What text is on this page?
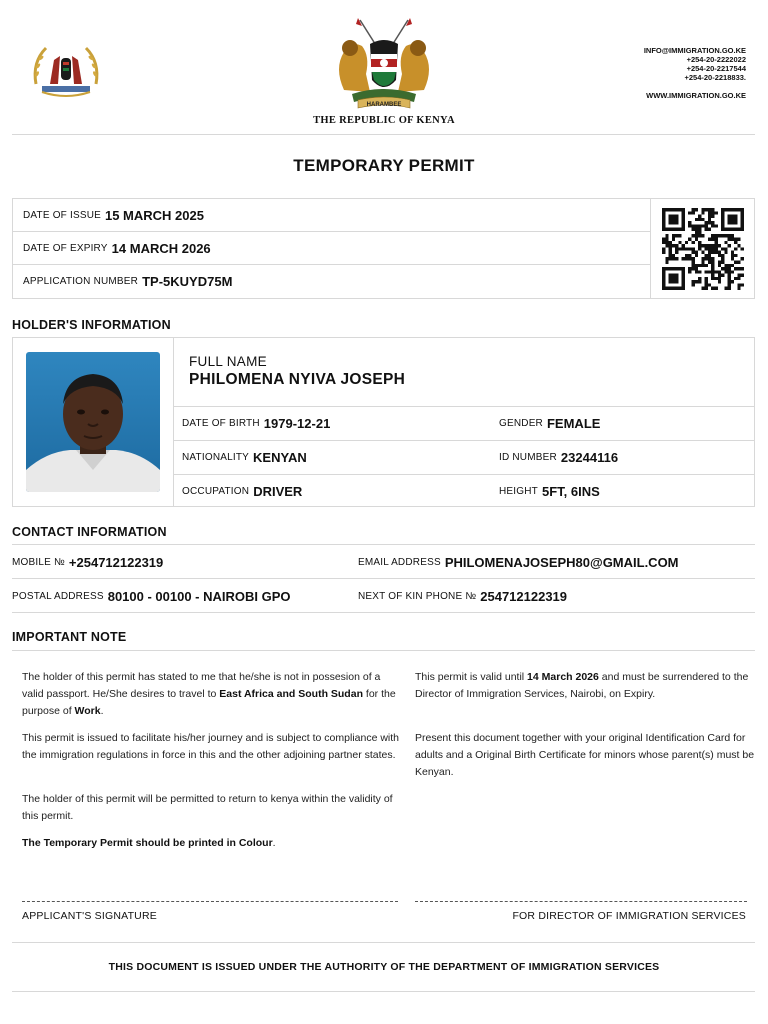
HARAMBEE
THE REPUBLIC OF KENYA
INFO@IMMIGRATION.GO.KE
+254-20-2222022
+254-20-2217544
+254-20-2218833.
WWW.IMMIGRATION.GO.KE
TEMPORARY PERMIT
DATE OF ISSUE 15 MARCH 2025
DATE OF EXPIRY 14 MARCH 2026
APPLICATION NUMBER TP-5KUYD75M
HOLDER'S INFORMATION
FULL NAME
PHILOMENA NYIVA JOSEPH
DATE OF BIRTH 1979-12-21	GENDER FEMALE
NATIONALITY KENYAN	ID NUMBER 23244116
OCCUPATION DRIVER	HEIGHT 5FT, 6INS
CONTACT INFORMATION
MOBILE № +254712122319	EMAIL ADDRESS PHILOMENAJOSEPH80@GMAIL.COM
POSTAL ADDRESS 80100 - 00100 - NAIROBI GPO	NEXT OF KIN PHONE № 254712122319
IMPORTANT NOTE
The holder of this permit has stated to me that he/she is not in possesion of a valid passport. He/She desires to travel to East Africa and South Sudan for the purpose of Work.
This permit is issued to facilitate his/her journey and is subject to compliance with the immigration regulations in force in this and the other adjoining partner states.
The holder of this permit will be permitted to return to kenya within the validity of this permit.
The Temporary Permit should be printed in Colour.
This permit is valid until 14 March 2026 and must be surrendered to the Director of Immigration Services, Nairobi, on Expiry.
Present this document together with your original Identification Card for adults and a Original Birth Certificate for minors whose parent(s) must be Kenyan.
APPLICANT'S SIGNATURE	FOR DIRECTOR OF IMMIGRATION SERVICES
THIS DOCUMENT IS ISSUED UNDER THE AUTHORITY OF THE DEPARTMENT OF IMMIGRATION SERVICES
